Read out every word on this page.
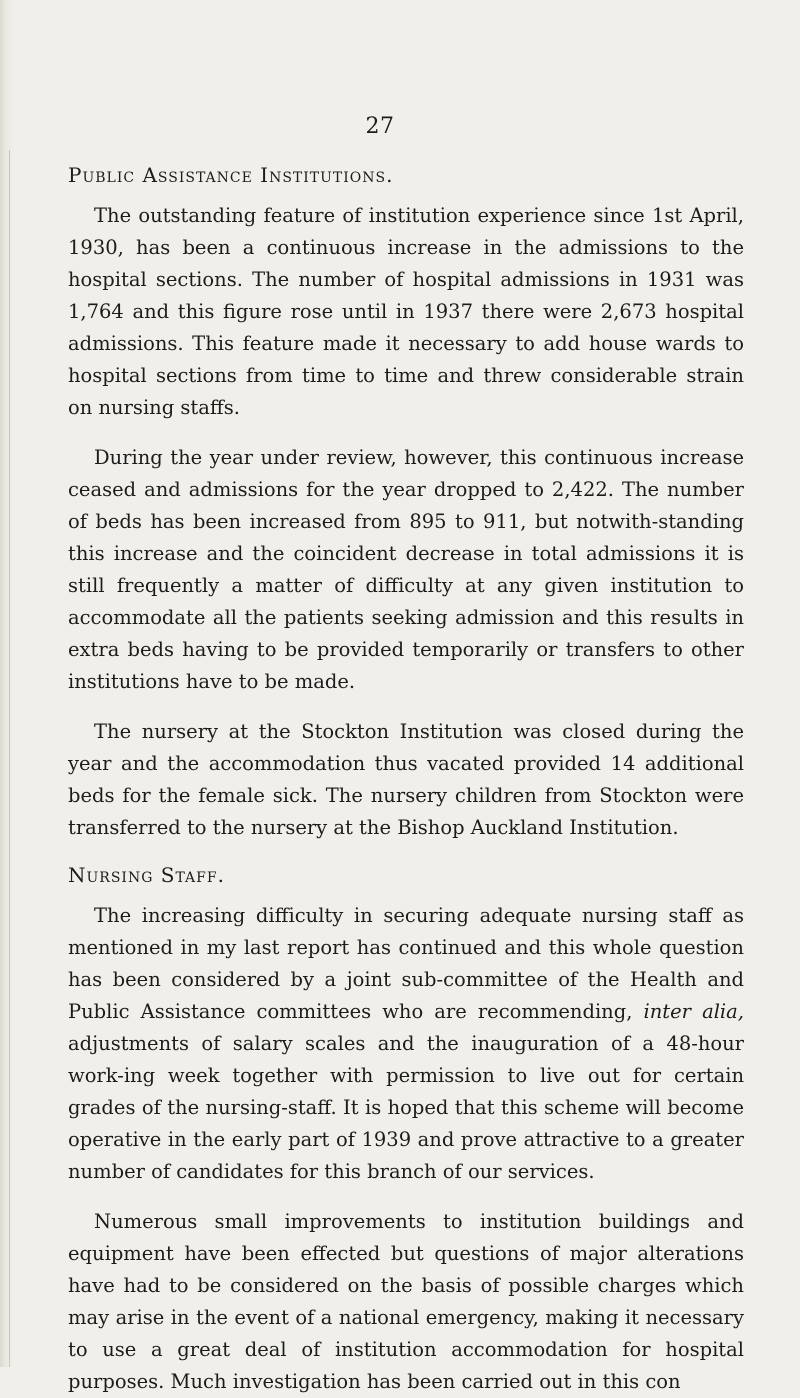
27
Public Assistance Institutions.

The outstanding feature of institution experience since 1st April, 1930, has been a continuous increase in the admissions to the hospital sections. The number of hospital admissions in 1931 was 1,764 and this figure rose until in 1937 there were 2,673 hospital admissions. This feature made it necessary to add house wards to hospital sections from time to time and threw considerable strain on nursing staffs.

During the year under review, however, this continuous increase ceased and admissions for the year dropped to 2,422. The number of beds has been increased from 895 to 911, but notwith-standing this increase and the coincident decrease in total admissions it is still frequently a matter of difficulty at any given institution to accommodate all the patients seeking admission and this results in extra beds having to be provided temporarily or transfers to other institutions have to be made.

The nursery at the Stockton Institution was closed during the year and the accommodation thus vacated provided 14 additional beds for the female sick. The nursery children from Stockton were transferred to the nursery at the Bishop Auckland Institution.

Nursing Staff.

The increasing difficulty in securing adequate nursing staff as mentioned in my last report has continued and this whole question has been considered by a joint sub-committee of the Health and Public Assistance committees who are recommending, inter alia, adjustments of salary scales and the inauguration of a 48-hour work-ing week together with permission to live out for certain grades of the nursing-staff. It is hoped that this scheme will become operative in the early part of 1939 and prove attractive to a greater number of candidates for this branch of our services.

Numerous small improvements to institution buildings and equipment have been effected but questions of major alterations have had to be considered on the basis of possible charges which may arise in the event of a national emergency, making it necessary to use a great deal of institution accommodation for hospital purposes. Much investigation has been carried out in this con
